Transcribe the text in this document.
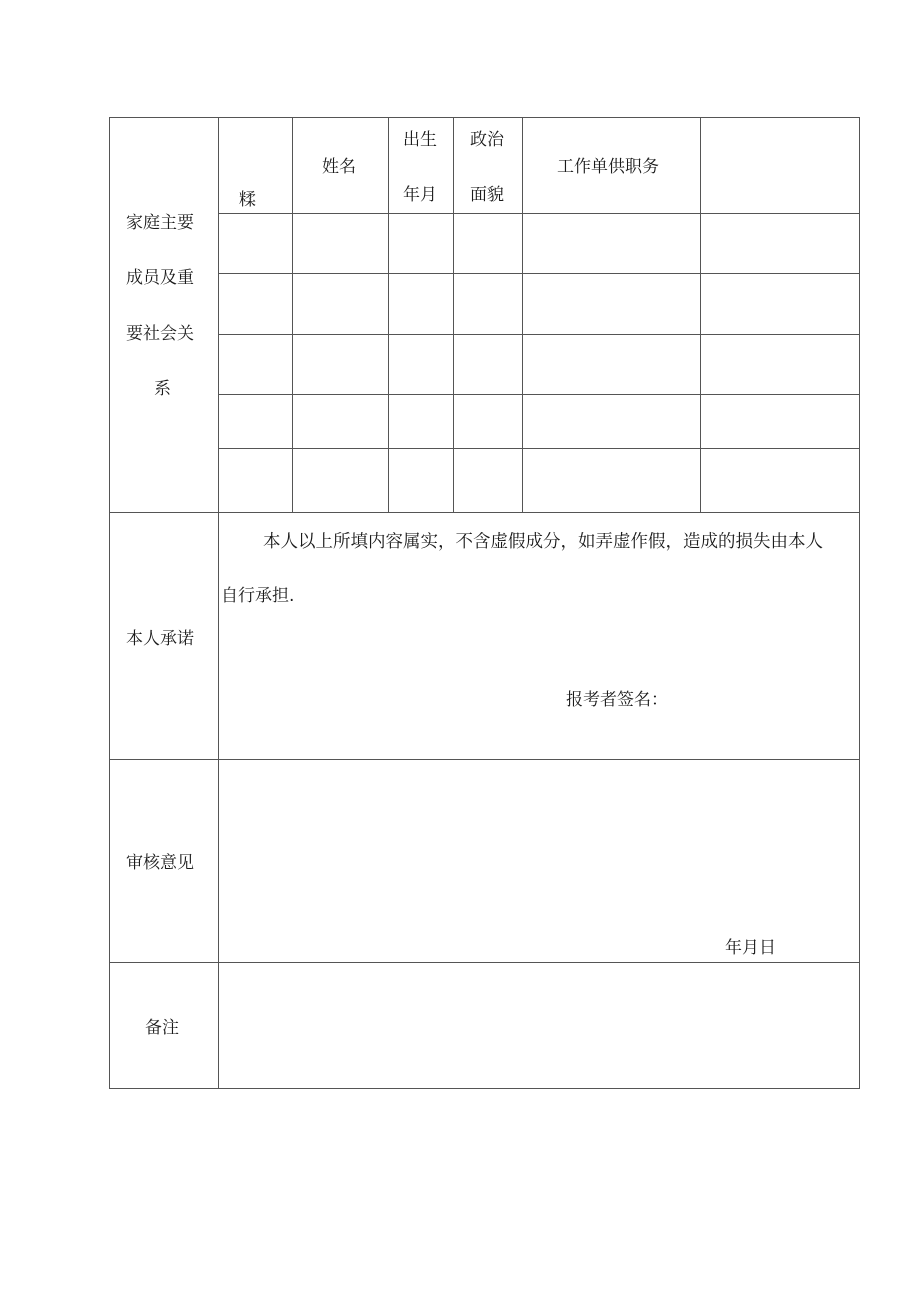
家庭主要
成员及重
要社会关
系
糅
姓名
出生
年月
政治
面貌
工作单供职务
本人承诺
本人以上所填内容属实，不含虚假成分，如弄虚作假，造成的损失由本人
自行承担.
报考者签名：
审核意见
年月日
备注
